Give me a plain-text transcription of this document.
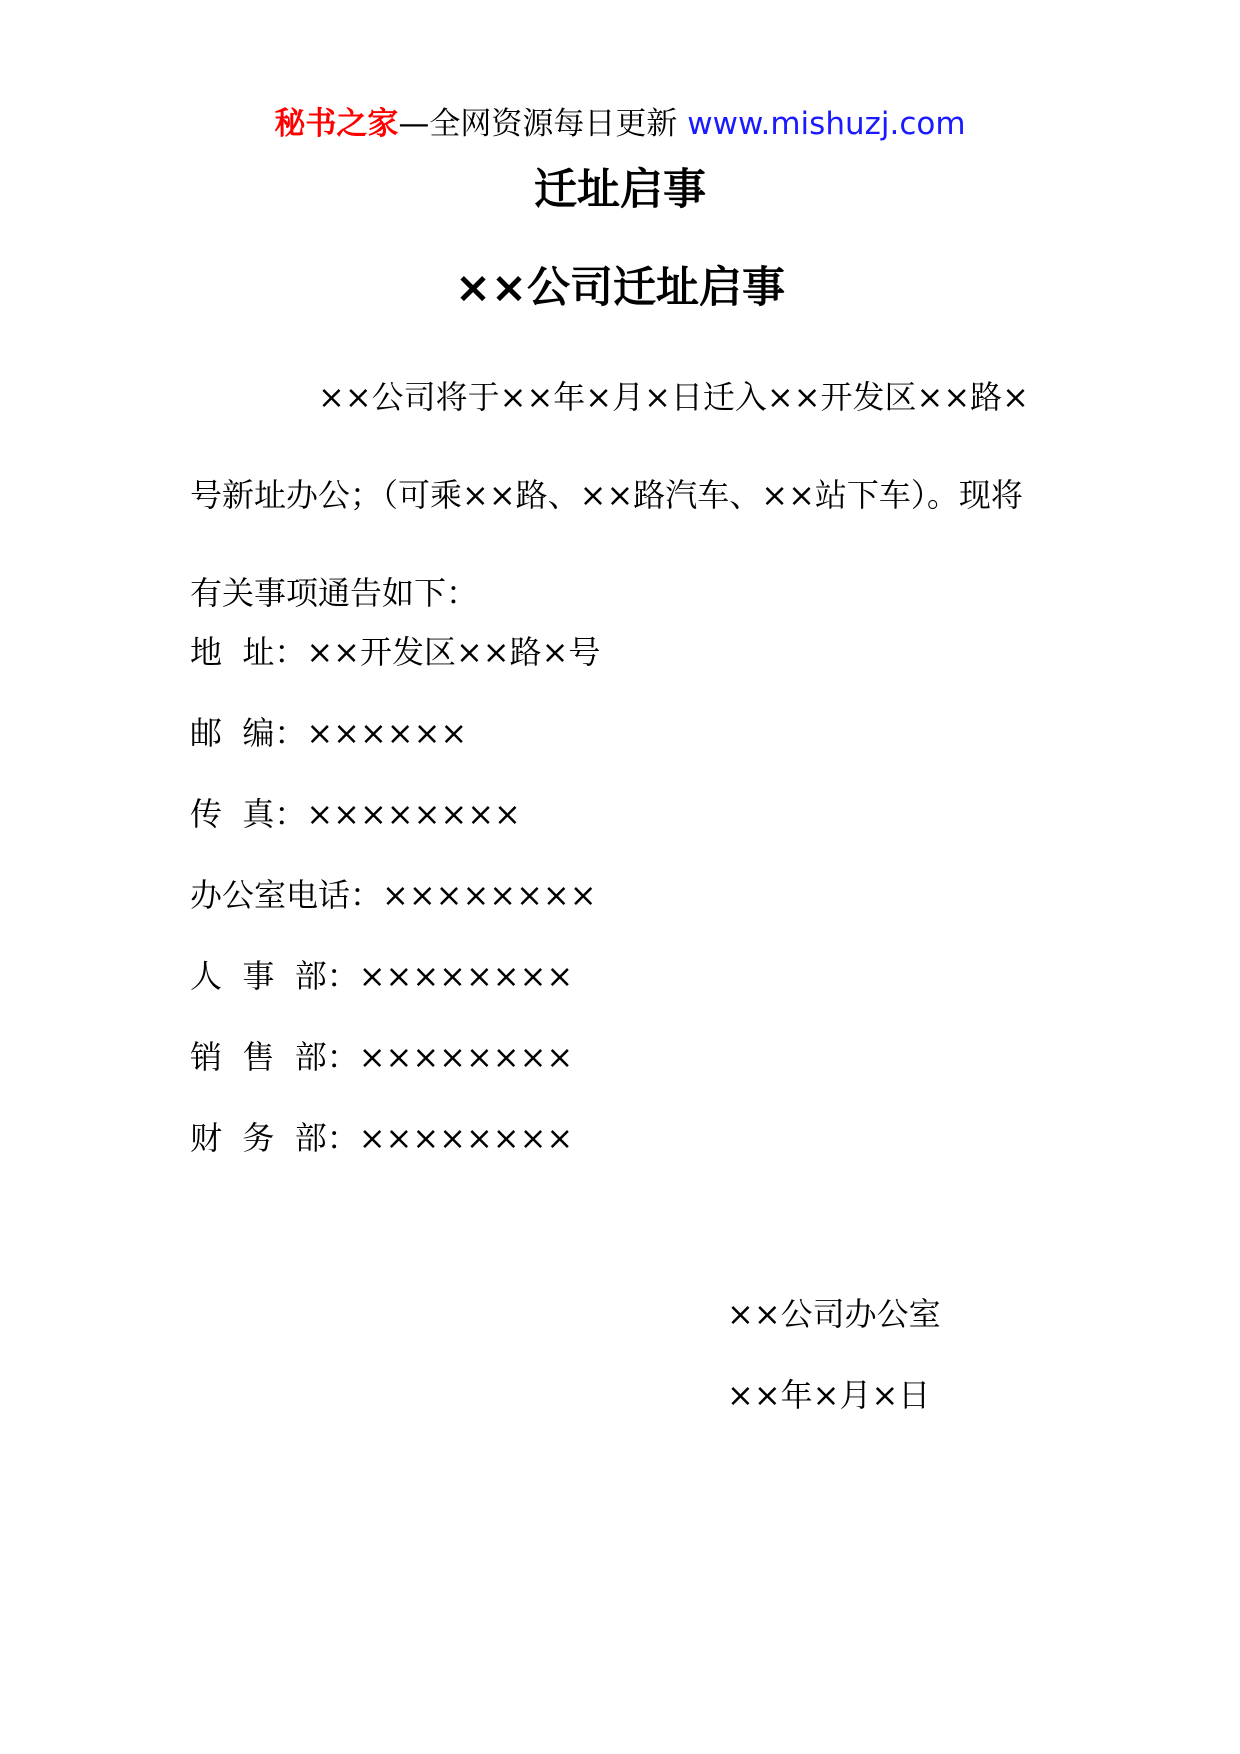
秘书之家—全网资源每日更新 www.mishuzj.com
迁址启事
××公司迁址启事

××公司将于××年×月×日迁入××开发区××路×号新址办公；（可乘××路、××路汽车、××站下车）。现将有关事项通告如下：

地  址：××开发区××路×号
邮  编：××××××
传  真：××××××××
办公室电话：××××××××
人  事  部：××××××××
销  售  部：××××××××
财  务  部：××××××××
××公司办公室
××年×月×日
